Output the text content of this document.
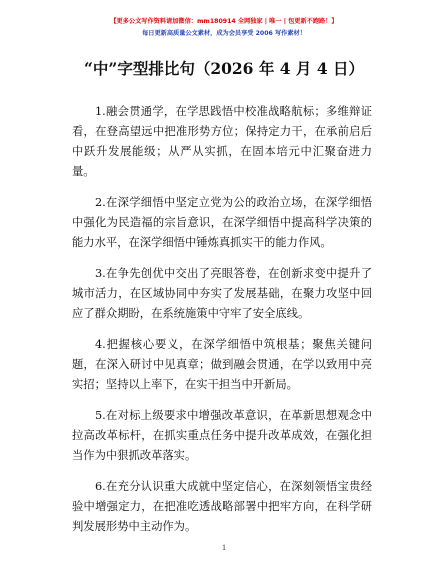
【更多公文写作资料请加微信：mm180914 全网独家 | 唯一 | 包更新不跑路！】
每日更新高质量公文素材，成为会员享受 2006 写作素材！
“中”字型排比句（2026 年 4 月 4 日）

1.融会贯通学，在学思践悟中校准战略航标；多维辩证看，在登高望远中把准形势方位；保持定力干，在承前启后中跃升发展能级；从严从实抓，在固本培元中汇聚奋进力量。

2.在深学细悟中坚定立党为公的政治立场，在深学细悟中强化为民造福的宗旨意识，在深学细悟中提高科学决策的能力水平，在深学细悟中锤炼真抓实干的能力作风。

3.在争先创优中交出了亮眼答卷，在创新求变中提升了城市活力，在区域协同中夯实了发展基础，在聚力攻坚中回应了群众期盼，在系统施策中守牢了安全底线。

4.把握核心要义，在深学细悟中筑根基；聚焦关键问题，在深入研讨中见真章；做到融会贯通，在学以致用中亮实招；坚持以上率下，在实干担当中开新局。

5.在对标上级要求中增强改革意识，在革新思想观念中拉高改革标杆，在抓实重点任务中提升改革成效，在强化担当作为中狠抓改革落实。

6.在充分认识重大成就中坚定信心，在深刻领悟宝贵经验中增强定力，在把准吃透战略部署中把牢方向，在科学研判发展形势中主动作为。

1
